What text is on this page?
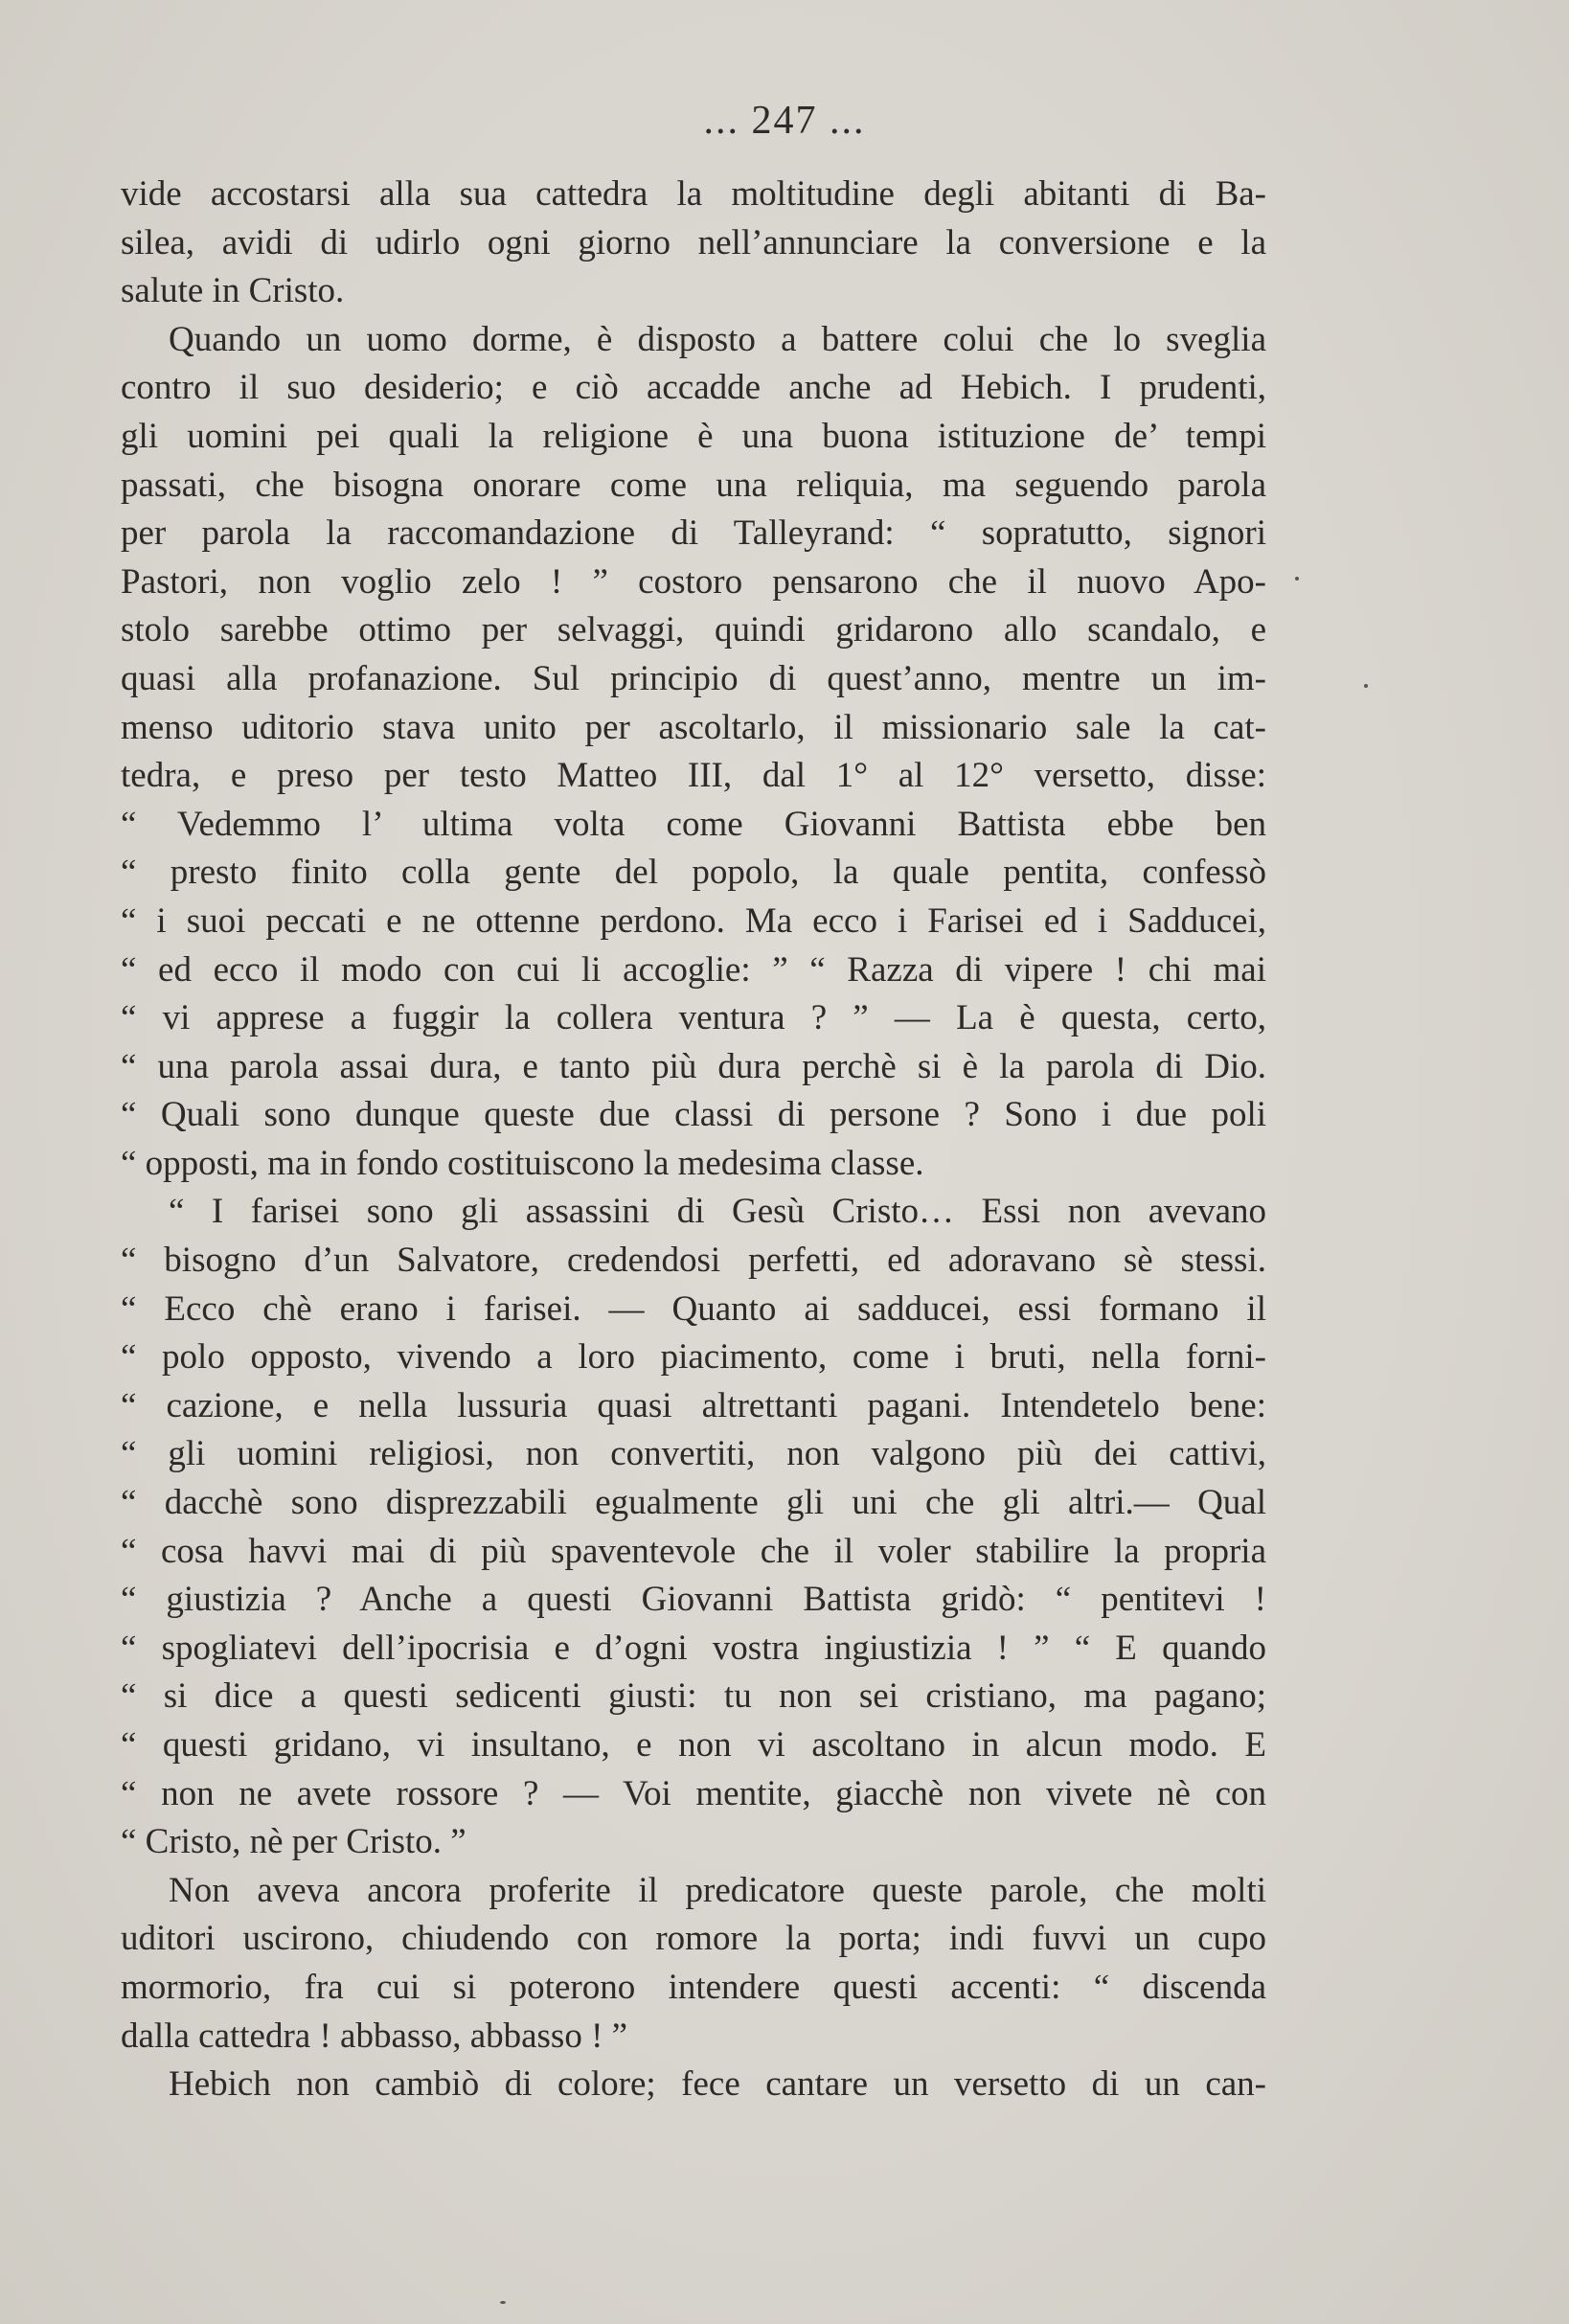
... 247 ...
vide accostarsi alla sua cattedra la moltitudine degli abitanti di Ba-
silea, avidi di udirlo ogni giorno nell’annunciare la conversione e la
salute in Cristo.
Quando un uomo dorme, è disposto a battere colui che lo sveglia
contro il suo desiderio; e ciò accadde anche ad Hebich. I prudenti,
gli uomini pei quali la religione è una buona istituzione de’ tempi
passati, che bisogna onorare come una reliquia, ma seguendo parola
per parola la raccomandazione di Talleyrand: “ sopratutto, signori
Pastori, non voglio zelo ! ” costoro pensarono che il nuovo Apo-
stolo sarebbe ottimo per selvaggi, quindi gridarono allo scandalo, e
quasi alla profanazione. Sul principio di quest’anno, mentre un im-
menso uditorio stava unito per ascoltarlo, il missionario sale la cat-
tedra, e preso per testo Matteo III, dal 1° al 12° versetto, disse:
“ Vedemmo l’ ultima volta come Giovanni Battista ebbe ben
“ presto finito colla gente del popolo, la quale pentita, confessò
“ i suoi peccati e ne ottenne perdono. Ma ecco i Farisei ed i Sadducei,
“ ed ecco il modo con cui li accoglie: ” “ Razza di vipere ! chi mai
“ vi apprese a fuggir la collera ventura ? ” — La è questa, certo,
“ una parola assai dura, e tanto più dura perchè si è la parola di Dio.
“ Quali sono dunque queste due classi di persone ? Sono i due poli
“ opposti, ma in fondo costituiscono la medesima classe.
“ I farisei sono gli assassini di Gesù Cristo… Essi non avevano
“ bisogno d’un Salvatore, credendosi perfetti, ed adoravano sè stessi.
“ Ecco chè erano i farisei. — Quanto ai sadducei, essi formano il
“ polo opposto, vivendo a loro piacimento, come i bruti, nella forni-
“ cazione, e nella lussuria quasi altrettanti pagani. Intendetelo bene:
“ gli uomini religiosi, non convertiti, non valgono più dei cattivi,
“ dacchè sono disprezzabili egualmente gli uni che gli altri.— Qual
“ cosa havvi mai di più spaventevole che il voler stabilire la propria
“ giustizia ? Anche a questi Giovanni Battista gridò: “ pentitevi !
“ spogliatevi dell’ipocrisia e d’ogni vostra ingiustizia ! ” “ E quando
“ si dice a questi sedicenti giusti: tu non sei cristiano, ma pagano;
“ questi gridano, vi insultano, e non vi ascoltano in alcun modo. E
“ non ne avete rossore ? — Voi mentite, giacchè non vivete nè con
“ Cristo, nè per Cristo. ”
Non aveva ancora proferite il predicatore queste parole, che molti
uditori uscirono, chiudendo con romore la porta; indi fuvvi un cupo
mormorio, fra cui si poterono intendere questi accenti: “ discenda
dalla cattedra ! abbasso, abbasso ! ”
Hebich non cambiò di colore; fece cantare un versetto di un can-
